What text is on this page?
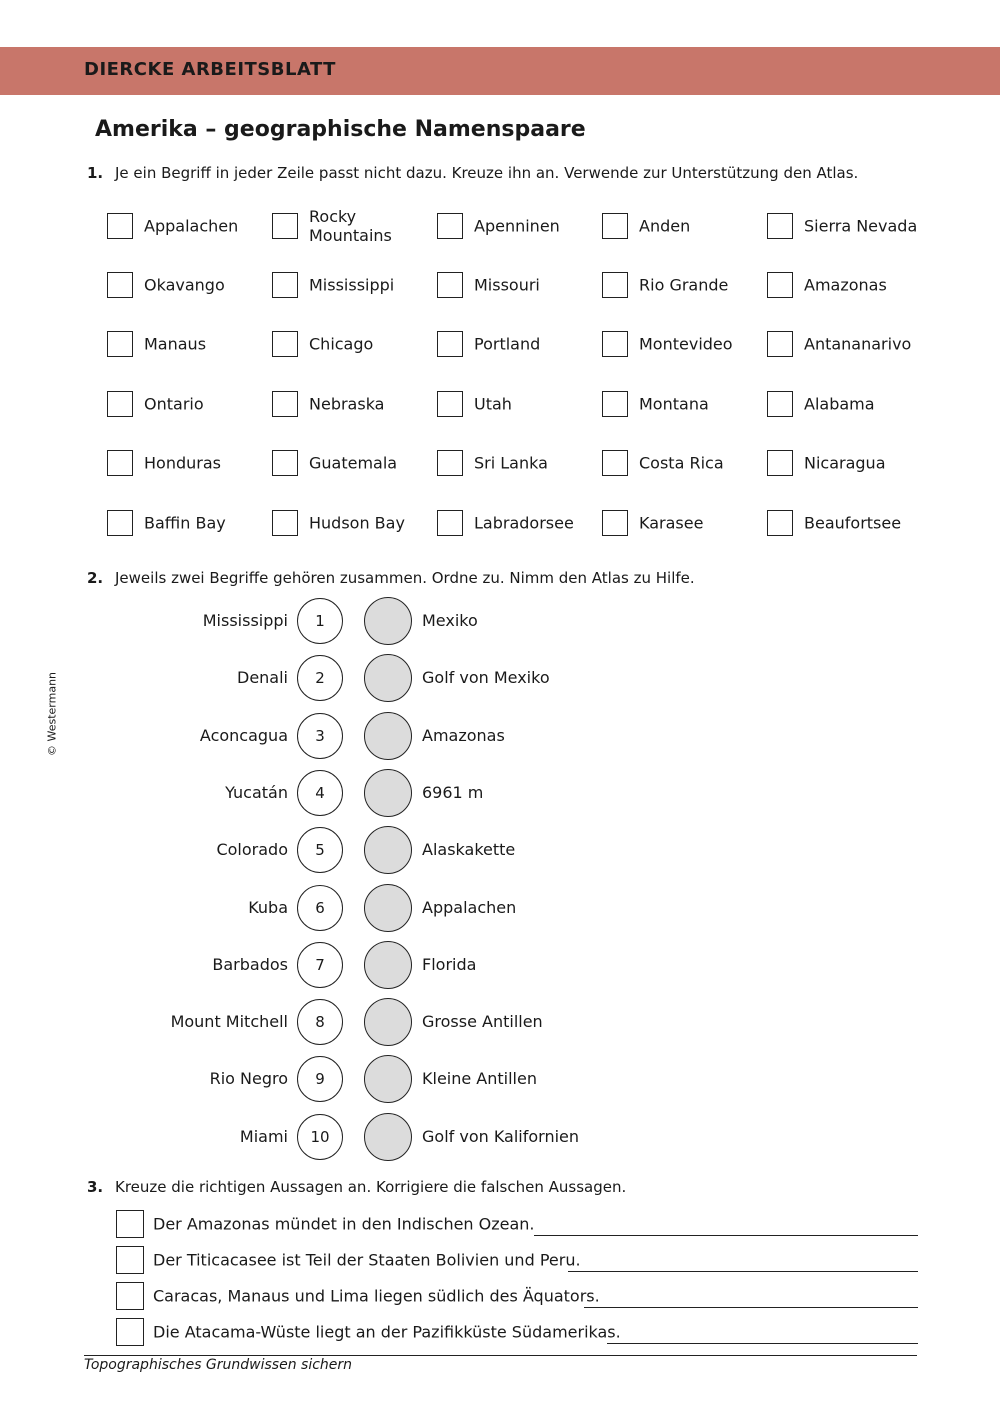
DIERCKE ARBEITSBLATT
© Westermann
Amerika – geographische Namenspaare
1. Je ein Begriff in jeder Zeile passt nicht dazu. Kreuze ihn an. Verwende zur Unterstützung den Atlas.
Appalachen	Rocky Mountains	Apenninen	Anden	Sierra Nevada
Okavango	Mississippi	Missouri	Rio Grande	Amazonas
Manaus	Chicago	Portland	Montevideo	Antananarivo
Ontario	Nebraska	Utah	Montana	Alabama
Honduras	Guatemala	Sri Lanka	Costa Rica	Nicaragua
Baffin Bay	Hudson Bay	Labradorsee	Karasee	Beaufortsee
2. Jeweils zwei Begriffe gehören zusammen. Ordne zu. Nimm den Atlas zu Hilfe.
Mississippi 1	Mexiko
Denali 2	Golf von Mexiko
Aconcagua 3	Amazonas
Yucatán 4	6961 m
Colorado 5	Alaskakette
Kuba 6	Appalachen
Barbados 7	Florida
Mount Mitchell 8	Grosse Antillen
Rio Negro 9	Kleine Antillen
Miami 10	Golf von Kalifornien
3. Kreuze die richtigen Aussagen an. Korrigiere die falschen Aussagen.
Der Amazonas mündet in den Indischen Ozean.
Der Titicacasee ist Teil der Staaten Bolivien und Peru.
Caracas, Manaus und Lima liegen südlich des Äquators.
Die Atacama-Wüste liegt an der Pazifikküste Südamerikas.
Topographisches Grundwissen sichern
